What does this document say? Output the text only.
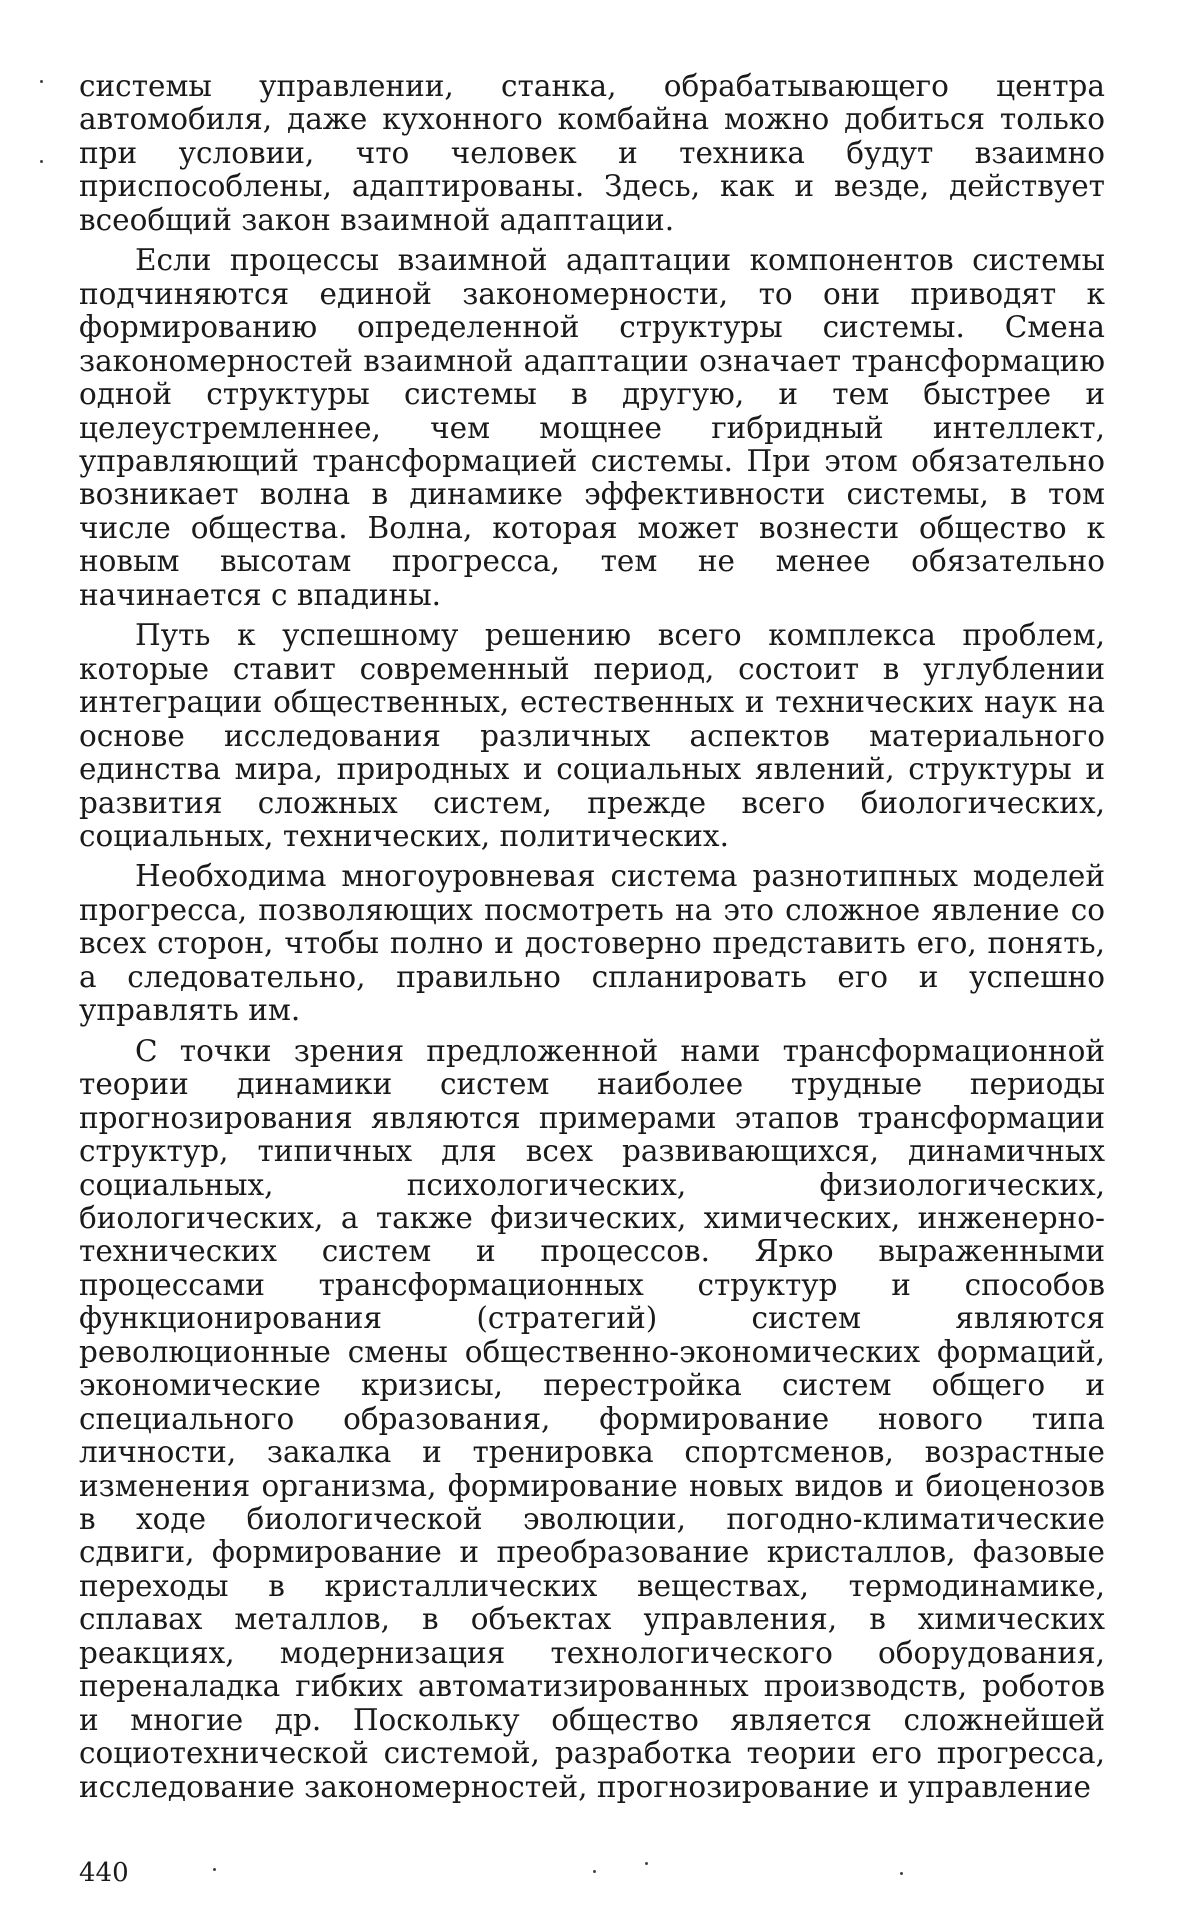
системы управлении, станка, обрабатывающего центра автомобиля, даже кухонного комбайна можно добиться только при условии, что человек и техника будут взаимно приспособлены, адаптированы. Здесь, как и везде, действует всеобщий закон взаимной адаптации.

Если процессы взаимной адаптации компонентов системы подчиняются единой закономерности, то они приводят к формированию определенной структуры системы. Смена закономерностей взаимной адаптации означает трансформацию одной структуры системы в другую, и тем быстрее и целеустремленнее, чем мощнее гибридный интеллект, управляющий трансформацией системы. При этом обязательно возникает волна в динамике эффективности системы, в том числе общества. Волна, которая может вознести общество к новым высотам прогресса, тем не менее обязательно начинается с впадины.

Путь к успешному решению всего комплекса проблем, которые ставит современный период, состоит в углублении интеграции общественных, естественных и технических наук на основе исследования различных аспектов материального единства мира, природных и социальных явлений, структуры и развития сложных систем, прежде всего биологических, социальных, технических, политических.

Необходима многоуровневая система разнотипных моделей прогресса, позволяющих посмотреть на это сложное явление со всех сторон, чтобы полно и достоверно представить его, понять, а следовательно, правильно спланировать его и успешно управлять им.

С точки зрения предложенной нами трансформационной теории динамики систем наиболее трудные периоды прогнозирования являются примерами этапов трансформации структур, типичных для всех развивающихся, динамичных социальных, психологических, физиологических, биологических, а также физических, химических, инженерно-технических систем и процессов. Ярко выраженными процессами трансформационных структур и способов функционирования (стратегий) систем являются революционные смены общественно-экономических формаций, экономические кризисы, перестройка систем общего и специального образования, формирование нового типа личности, закалка и тренировка спортсменов, возрастные изменения организма, формирование новых видов и биоценозов в ходе биологической эволюции, погодно-климатические сдвиги, формирование и преобразование кристаллов, фазовые переходы в кристаллических веществах, термодинамике, сплавах металлов, в объектах управления, в химических реакциях, модернизация технологического оборудования, переналадка гибких автоматизированных производств, роботов и многие др. Поскольку общество является сложнейшей социотехнической системой, разработка теории его прогресса, исследование закономерностей, прогнозирование и управление

440
